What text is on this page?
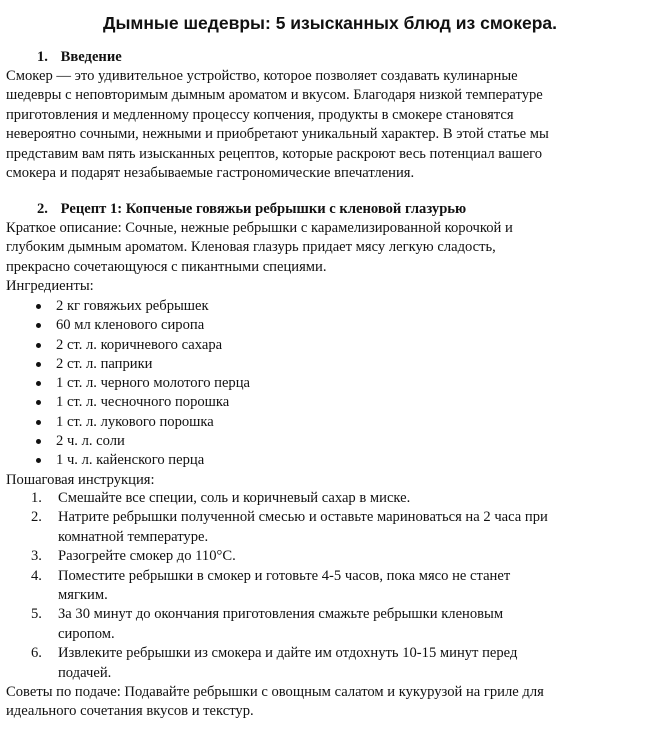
Дымные шедевры: 5 изысканных блюд из смокера.
1. Введение
Смокер — это удивительное устройство, которое позволяет создавать кулинарные
шедевры с неповторимым дымным ароматом и вкусом. Благодаря низкой температуре
приготовления и медленному процессу копчения, продукты в смокере становятся
невероятно сочными, нежными и приобретают уникальный характер. В этой статье мы
представим вам пять изысканных рецептов, которые раскроют весь потенциал вашего
смокера и подарят незабываемые гастрономические впечатления.
2. Рецепт 1: Копченые говяжьи ребрышки с кленовой глазурью
Краткое описание: Сочные, нежные ребрышки с карамелизированной корочкой и
глубоким дымным ароматом. Кленовая глазурь придает мясу легкую сладость,
прекрасно сочетающуюся с пикантными специями.
Ингредиенты:
2 кг говяжьих ребрышек
60 мл кленового сиропа
2 ст. л. коричневого сахара
2 ст. л. паприки
1 ст. л. черного молотого перца
1 ст. л. чесночного порошка
1 ст. л. лукового порошка
2 ч. л. соли
1 ч. л. кайенского перца
Пошаговая инструкция:
1. Смешайте все специи, соль и коричневый сахар в миске.
2. Натрите ребрышки полученной смесью и оставьте мариноваться на 2 часа при
комнатной температуре.
3. Разогрейте смокер до 110°C.
4. Поместите ребрышки в смокер и готовьте 4-5 часов, пока мясо не станет
мягким.
5. За 30 минут до окончания приготовления смажьте ребрышки кленовым
сиропом.
6. Извлеките ребрышки из смокера и дайте им отдохнуть 10-15 минут перед
подачей.
Советы по подаче: Подавайте ребрышки с овощным салатом и кукурузой на гриле для
идеального сочетания вкусов и текстур.
